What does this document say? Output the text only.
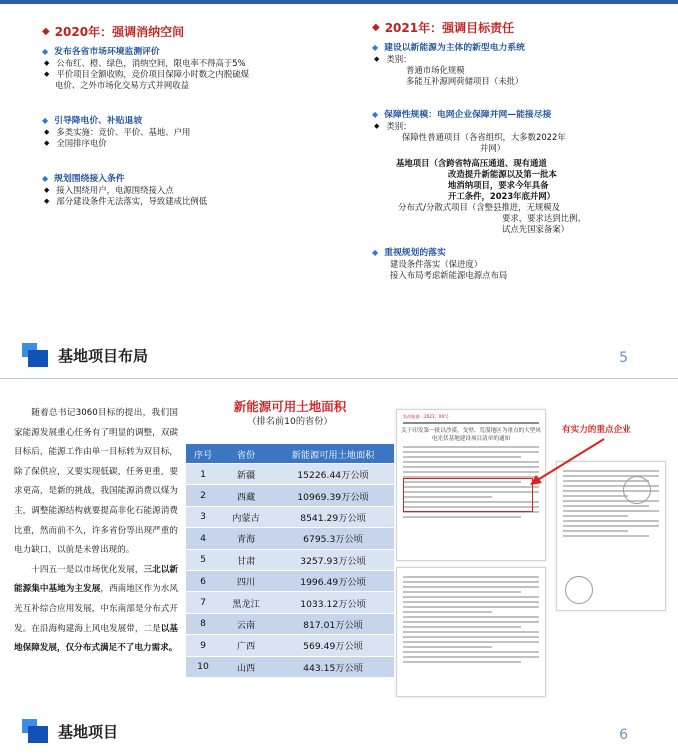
◆ 2020年：强调消纳空间
◆ 发布各省市场环境监测评价
◆ 公布红、橙、绿色，消纳空间，限电率不得高于5%
◆ 平价项目全额收购，竞价项目保障小时数之内脱硫煤
电价、之外市场化交易方式并网收益
◆ 引导降电价、补贴退坡
◆ 多类实施：竞价、平价、基地、户用
◆ 全国排序电价
◆ 规划围绕接入条件
◆ 接入围绕用户，电源围绕接入点
◆ 部分建设条件无法落实，导致建成比例低
◆ 2021年：强调目标责任
◆ 建设以新能源为主体的新型电力系统
◆ 类别：
普通市场化规模
多能互补源网荷储项目（未批）
◆ 保障性规模：电网企业保障并网—能接尽接
◆ 类别：
保障性普通项目（各省组织，大多数2022年
并网）
基地项目（含跨省特高压通道、现有通道
改造提升新能源以及第一批本
地消纳项目，要求今年具备
开工条件，2023年底并网）
分布式/分散式项目（含整县推进，无规模及
要求，要求达到比例、
试点先国家备案）
◆ 重视规划的落实
建设条件落实（保进度）
接入布局考虑新能源电源点布局
基地项目布局	5

随着总书记3060目标的提出，我们国家能源发展重心任务有了明显的调整，双碳目标后，能源工作由单一目标转为双目标，除了保供应，又要实现低碳，任务更重，要求更高，是新的挑战，我国能源消费以煤为主，调整能源结构就要提高非化石能源消费比重，然而前不久，许多省份等出现严重的电力缺口，以前是未曾出现的。

十四五一是以市场优化发展，三北以新能源集中基地为主发展，西南地区作为水风光互补综合应用发展，中东南部是分布式开发。在沿海构建海上风电发展带，二是以基地保障发展，仅分布式满足不了电力需求。

新能源可用土地面积
（排名前10的省份）
序号	省份	新能源可用土地面积
1	新疆	15226.44万公顷
2	西藏	10969.39万公顷
3	内蒙古	8541.29万公顷
4	青海	6795.3万公顷
5	甘肃	3257.93万公顷
6	四川	1996.49万公顷
7	黑龙江	1033.12万公顷
8	云南	817.01万公顷
9	广西	569.49万公顷
10	山西	443.15万公顷
发改能源〔2021〕XX号
关于印发第一批以沙漠、戈壁、荒漠地区为重点的大型风电光伏基地建设项目清单的通知
有实力的重点企业
基地项目	6
